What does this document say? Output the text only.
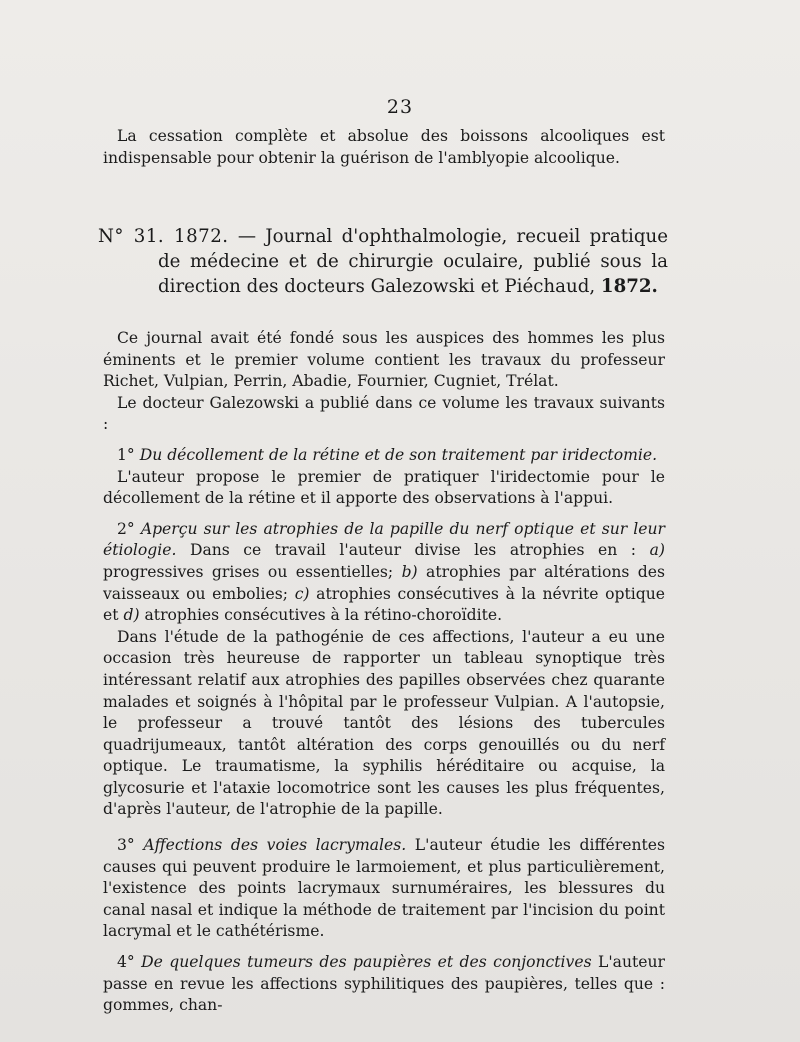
23

La cessation complète et absolue des boissons alcooliques est indispensable pour obtenir la guérison de l'amblyopie alcoolique.

N° 31. 1872. — Journal d'ophthalmologie, recueil pratique de médecine et de chirurgie oculaire, publié sous la direction des docteurs Galezowski et Piéchaud, 1872.

Ce journal avait été fondé sous les auspices des hommes les plus éminents et le premier volume contient les travaux du professeur Richet, Vulpian, Perrin, Abadie, Fournier, Cugniet, Trélat.

Le docteur Galezowski a publié dans ce volume les travaux suivants :

1° Du décollement de la rétine et de son traitement par iridectomie.

L'auteur propose le premier de pratiquer l'iridectomie pour le décollement de la rétine et il apporte des observations à l'appui.

2° Aperçu sur les atrophies de la papille du nerf optique et sur leur étiologie. Dans ce travail l'auteur divise les atrophies en : a) progressives grises ou essentielles; b) atrophies par altérations des vaisseaux ou embolies; c) atrophies consécutives à la névrite optique et d) atrophies consécutives à la rétino-choroïdite.

Dans l'étude de la pathogénie de ces affections, l'auteur a eu une occasion très heureuse de rapporter un tableau synoptique très intéressant relatif aux atrophies des papilles observées chez quarante malades et soignés à l'hôpital par le professeur Vulpian. A l'autopsie, le professeur a trouvé tantôt des lésions des tubercules quadrijumeaux, tantôt altération des corps genouillés ou du nerf optique. Le traumatisme, la syphilis héréditaire ou acquise, la glycosurie et l'ataxie locomotrice sont les causes les plus fréquentes, d'après l'auteur, de l'atrophie de la papille.

3° Affections des voies lacrymales. L'auteur étudie les différentes causes qui peuvent produire le larmoiement, et plus particulièrement, l'existence des points lacrymaux surnuméraires, les blessures du canal nasal et indique la méthode de traitement par l'incision du point lacrymal et le cathétérisme.

4° De quelques tumeurs des paupières et des conjonctives L'auteur passe en revue les affections syphilitiques des paupières, telles que : gommes, chan-
